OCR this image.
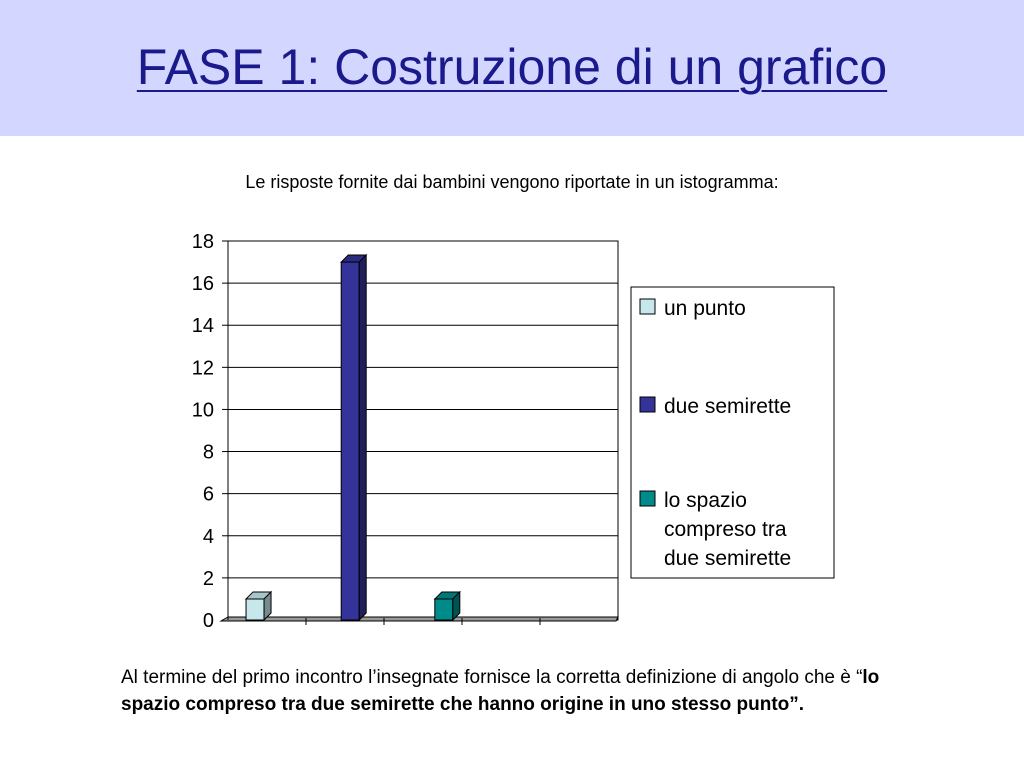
FASE 1: Costruzione di un grafico
Le risposte fornite dai bambini vengono riportate in un istogramma:
0
2
4
6
8
10
12
14
16
18
un punto
due semirette
lo spazio
compreso tra
due semirette
Al termine del primo incontro l’insegnate fornisce la corretta definizione di angolo che è “lo spazio compreso tra due semirette che hanno origine in uno stesso punto”.
